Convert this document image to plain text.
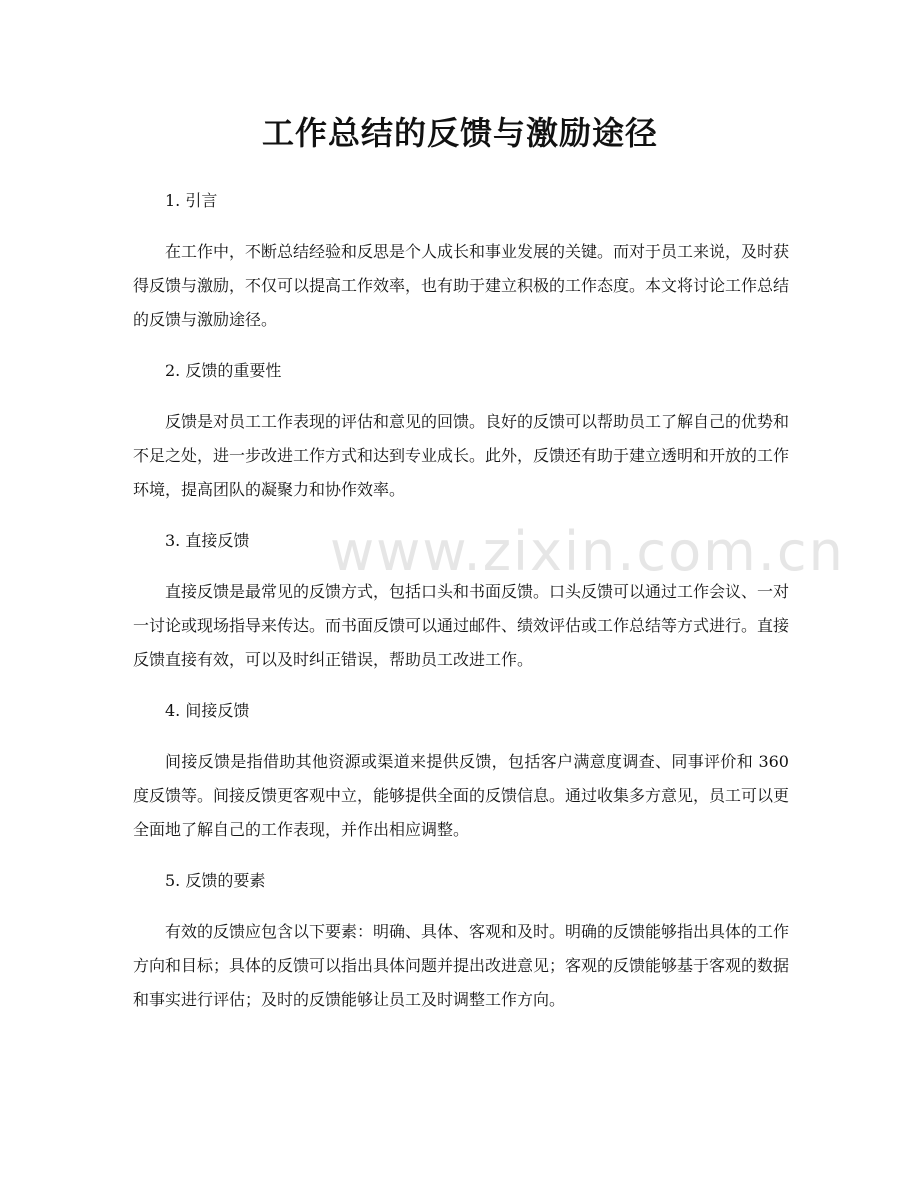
www.zixin.com.cn
工作总结的反馈与激励途径

1. 引言

在工作中，不断总结经验和反思是个人成长和事业发展的关键。而对于员工来说，及时获得反馈与激励，不仅可以提高工作效率，也有助于建立积极的工作态度。本文将讨论工作总结的反馈与激励途径。

2. 反馈的重要性

反馈是对员工工作表现的评估和意见的回馈。良好的反馈可以帮助员工了解自己的优势和不足之处，进一步改进工作方式和达到专业成长。此外，反馈还有助于建立透明和开放的工作环境，提高团队的凝聚力和协作效率。

3. 直接反馈

直接反馈是最常见的反馈方式，包括口头和书面反馈。口头反馈可以通过工作会议、一对一讨论或现场指导来传达。而书面反馈可以通过邮件、绩效评估或工作总结等方式进行。直接反馈直接有效，可以及时纠正错误，帮助员工改进工作。

4. 间接反馈

间接反馈是指借助其他资源或渠道来提供反馈，包括客户满意度调查、同事评价和 360 度反馈等。间接反馈更客观中立，能够提供全面的反馈信息。通过收集多方意见，员工可以更全面地了解自己的工作表现，并作出相应调整。

5. 反馈的要素

有效的反馈应包含以下要素：明确、具体、客观和及时。明确的反馈能够指出具体的工作方向和目标；具体的反馈可以指出具体问题并提出改进意见；客观的反馈能够基于客观的数据和事实进行评估；及时的反馈能够让员工及时调整工作方向。
